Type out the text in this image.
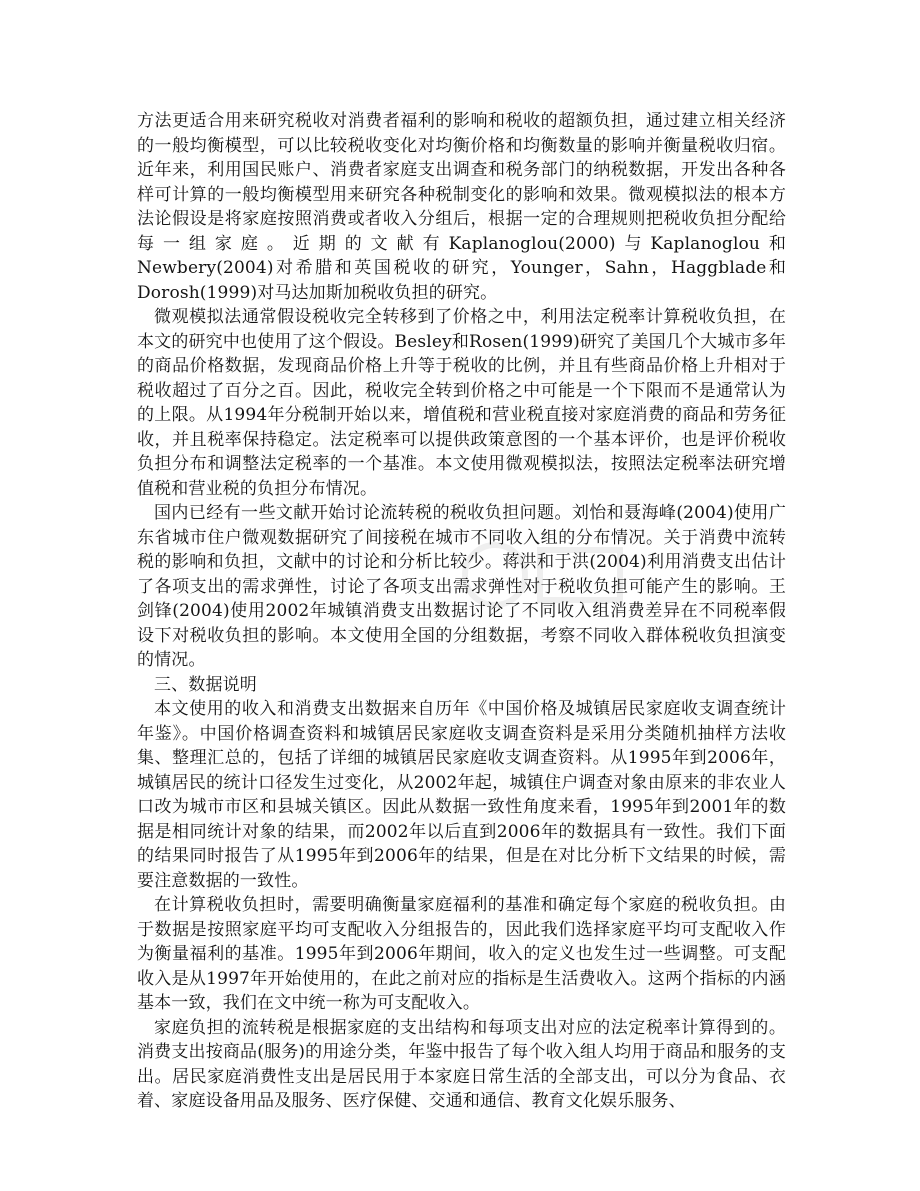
方法更适合用来研究税收对消费者福利的影响和税收的超额负担，通过建立相关经济的一般均衡模型，可以比较税收变化对均衡价格和均衡数量的影响并衡量税收归宿。近年来，利用国民账户、消费者家庭支出调查和税务部门的纳税数据，开发出各种各样可计算的一般均衡模型用来研究各种税制变化的影响和效果。微观模拟法的根本方法论假设是将家庭按照消费或者收入分组后，根据一定的合理规则把税收负担分配给每一组家庭。近期的文献有Kaplanoglou(2000)与Kaplanoglou和Newbery(2004)对希腊和英国税收的研究，Younger，Sahn，Haggblade和Dorosh(1999)对马达加斯加税收负担的研究。

微观模拟法通常假设税收完全转移到了价格之中，利用法定税率计算税收负担，在本文的研究中也使用了这个假设。Besley和Rosen(1999)研究了美国几个大城市多年的商品价格数据，发现商品价格上升等于税收的比例，并且有些商品价格上升相对于税收超过了百分之百。因此，税收完全转到价格之中可能是一个下限而不是通常认为的上限。从1994年分税制开始以来，增值税和营业税直接对家庭消费的商品和劳务征收，并且税率保持稳定。法定税率可以提供政策意图的一个基本评价，也是评价税收负担分布和调整法定税率的一个基准。本文使用微观模拟法，按照法定税率法研究增值税和营业税的负担分布情况。

国内已经有一些文献开始讨论流转税的税收负担问题。刘怡和聂海峰(2004)使用广东省城市住户微观数据研究了间接税在城市不同收入组的分布情况。关于消费中流转税的影响和负担，文献中的讨论和分析比较少。蒋洪和于洪(2004)利用消费支出估计了各项支出的需求弹性，讨论了各项支出需求弹性对于税收负担可能产生的影响。王剑锋(2004)使用2002年城镇消费支出数据讨论了不同收入组消费差异在不同税率假设下对税收负担的影响。本文使用全国的分组数据，考察不同收入群体税收负担演变的情况。

三、数据说明

本文使用的收入和消费支出数据来自历年《中国价格及城镇居民家庭收支调查统计年鉴》。中国价格调查资料和城镇居民家庭收支调查资料是采用分类随机抽样方法收集、整理汇总的，包括了详细的城镇居民家庭收支调查资料。从1995年到2006年，城镇居民的统计口径发生过变化，从2002年起，城镇住户调查对象由原来的非农业人口改为城市市区和县城关镇区。因此从数据一致性角度来看，1995年到2001年的数据是相同统计对象的结果，而2002年以后直到2006年的数据具有一致性。我们下面的结果同时报告了从1995年到2006年的结果，但是在对比分析下文结果的时候，需要注意数据的一致性。

在计算税收负担时，需要明确衡量家庭福利的基准和确定每个家庭的税收负担。由于数据是按照家庭平均可支配收入分组报告的，因此我们选择家庭平均可支配收入作为衡量福利的基准。1995年到2006年期间，收入的定义也发生过一些调整。可支配收入是从1997年开始使用的，在此之前对应的指标是生活费收入。这两个指标的内涵基本一致，我们在文中统一称为可支配收入。

家庭负担的流转税是根据家庭的支出结构和每项支出对应的法定税率计算得到的。消费支出按商品(服务)的用途分类，年鉴中报告了每个收入组人均用于商品和服务的支出。居民家庭消费性支出是居民用于本家庭日常生活的全部支出，可以分为食品、衣着、家庭设备用品及服务、医疗保健、交通和通信、教育文化娱乐服务、
